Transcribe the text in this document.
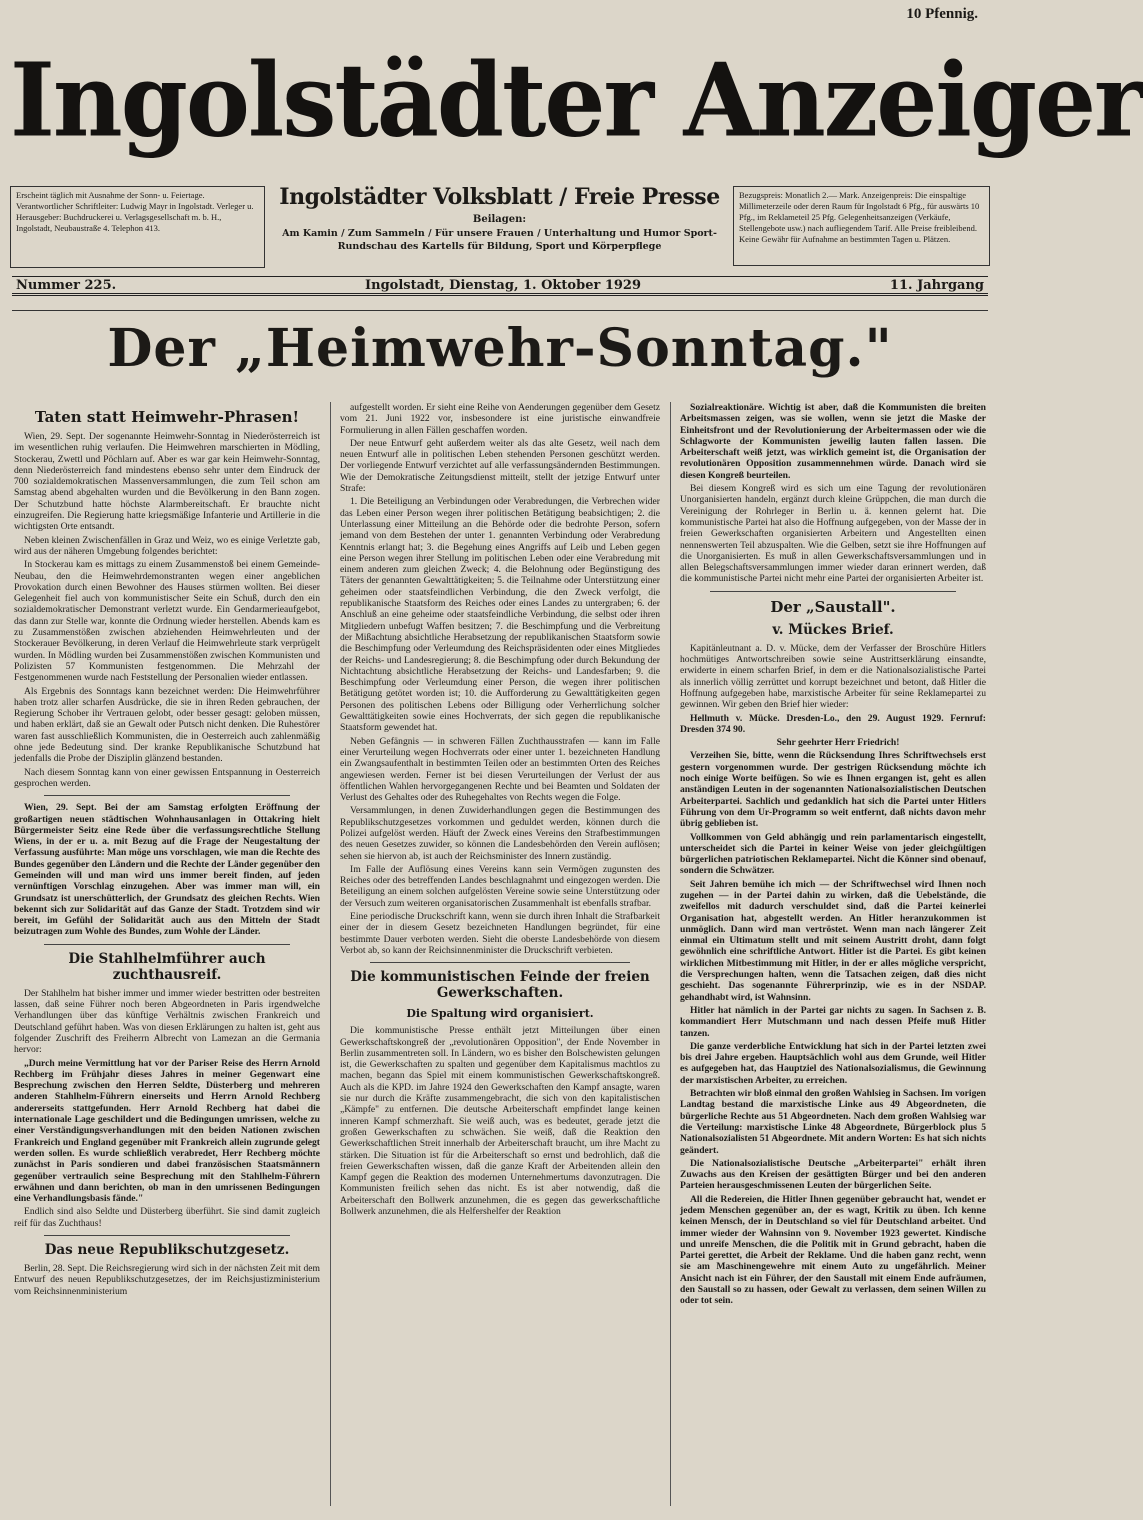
10 Pfennig.
Ingolstädter Anzeiger
Erscheint täglich mit Ausnahme der Sonn- u. Feiertage. Verantwortlicher Schriftleiter: Ludwig Mayr in Ingolstadt. Verleger u. Herausgeber: Buchdruckerei u. Verlagsgesellschaft m. b. H., Ingolstadt, Neubaustraße 4. Telephon 413.
Ingolstädter Volksblatt / Freie Presse
Beilagen:
Am Kamin / Zum Sammeln / Für unsere Frauen / Unterhaltung und Humor Sport-Rundschau des Kartells für Bildung, Sport und Körperpflege
Bezugspreis: Monatlich 2.— Mark. Anzeigenpreis: Die einspaltige Millimeterzeile oder deren Raum für Ingolstadt 6 Pfg., für auswärts 10 Pfg., im Reklameteil 25 Pfg. Gelegenheitsanzeigen (Verkäufe, Stellengebote usw.) nach aufliegendem Tarif. Alle Preise freibleibend. Keine Gewähr für Aufnahme an bestimmten Tagen u. Plätzen.
Nummer 225.	Ingolstadt, Dienstag, 1. Oktober 1929	11. Jahrgang
Der „Heimwehr-Sonntag."
Taten statt Heimwehr-Phrasen!

Wien, 29. Sept. Der sogenannte Heimwehr-Sonntag in Niederösterreich ist im wesentlichen ruhig verlaufen. Die Heimwehren marschierten in Mödling, Stockerau, Zwettl und Pöchlarn auf. Aber es war gar kein Heimwehr-Sonntag, denn Niederösterreich fand mindestens ebenso sehr unter dem Eindruck der 700 sozialdemokratischen Massenversammlungen, die zum Teil schon am Samstag abend abgehalten wurden und die Bevölkerung in den Bann zogen. Der Schutzbund hatte höchste Alarmbereitschaft. Er brauchte nicht einzugreifen. Die Regierung hatte kriegsmäßige Infanterie und Artillerie in die wichtigsten Orte entsandt.

Neben kleinen Zwischenfällen in Graz und Weiz, wo es einige Verletzte gab, wird aus der näheren Umgebung folgendes berichtet:

In Stockerau kam es mittags zu einem Zusammenstoß bei einem Gemeinde-Neubau, den die Heimwehrdemonstranten wegen einer angeblichen Provokation durch einen Bewohner des Hauses stürmen wollten. Bei dieser Gelegenheit fiel auch von kommunistischer Seite ein Schuß, durch den ein sozialdemokratischer Demonstrant verletzt wurde. Ein Gendarmerieaufgebot, das dann zur Stelle war, konnte die Ordnung wieder herstellen. Abends kam es zu Zusammenstößen zwischen abziehenden Heimwehrleuten und der Stockerauer Bevölkerung, in deren Verlauf die Heimwehrleute stark verprügelt wurden. In Mödling wurden bei Zusammenstößen zwischen Kommunisten und Polizisten 57 Kommunisten festgenommen. Die Mehrzahl der Festgenommenen wurde nach Feststellung der Personalien wieder entlassen.

Als Ergebnis des Sonntags kann bezeichnet werden: Die Heimwehrführer haben trotz aller scharfen Ausdrücke, die sie in ihren Reden gebrauchen, der Regierung Schober ihr Vertrauen gelobt, oder besser gesagt: geloben müssen, und haben erklärt, daß sie an Gewalt oder Putsch nicht denken. Die Ruhestörer waren fast ausschließlich Kommunisten, die in Oesterreich auch zahlenmäßig ohne jede Bedeutung sind. Der kranke Republikanische Schutzbund hat jedenfalls die Probe der Disziplin glänzend bestanden.

Nach diesem Sonntag kann von einer gewissen Entspannung in Oesterreich gesprochen werden.

Wien, 29. Sept. Bei der am Samstag erfolgten Eröffnung der großartigen neuen städtischen Wohnhausanlagen in Ottakring hielt Bürgermeister Seitz eine Rede über die verfassungsrechtliche Stellung Wiens, in der er u. a. mit Bezug auf die Frage der Neugestaltung der Verfassung ausführte: Man möge uns vorschlagen, wie man die Rechte des Bundes gegenüber den Ländern und die Rechte der Länder gegenüber den Gemeinden will und man wird uns immer bereit finden, auf jeden vernünftigen Vorschlag einzugehen. Aber was immer man will, ein Grundsatz ist unerschütterlich, der Grundsatz des gleichen Rechts. Wien bekennt sich zur Solidarität auf das Ganze der Stadt. Trotzdem sind wir bereit, im Gefühl der Solidarität auch aus den Mitteln der Stadt beizutragen zum Wohle des Bundes, zum Wohle der Länder.

Die Stahlhelmführer auch zuchthausreif.

Der Stahlhelm hat bisher immer und immer wieder bestritten oder bestreiten lassen, daß seine Führer noch beren Abgeordneten in Paris irgendwelche Verhandlungen über das künftige Verhältnis zwischen Frankreich und Deutschland geführt haben. Was von diesen Erklärungen zu halten ist, geht aus folgender Zuschrift des Freiherrn Albrecht von Lamezan an die Germania hervor:

„Durch meine Vermittlung hat vor der Pariser Reise des Herrn Arnold Rechberg im Frühjahr dieses Jahres in meiner Gegenwart eine Besprechung zwischen den Herren Seldte, Düsterberg und mehreren anderen Stahlhelm-Führern einerseits und Herrn Arnold Rechberg andererseits stattgefunden. Herr Arnold Rechberg hat dabei die internationale Lage geschildert und die Bedingungen umrissen, welche zu einer Verständigungsverhandlungen mit den beiden Nationen zwischen Frankreich und England gegenüber mit Frankreich allein zugrunde gelegt werden sollen. Es wurde schließlich verabredet, Herr Rechberg möchte zunächst in Paris sondieren und dabei französischen Staatsmännern gegenüber vertraulich seine Besprechung mit den Stahlhelm-Führern erwähnen und dann berichten, ob man in den umrissenen Bedingungen eine Verhandlungsbasis fände."

Endlich sind also Seldte und Düsterberg überführt. Sie sind damit zugleich reif für das Zuchthaus!

Das neue Republikschutzgesetz.

Berlin, 28. Sept. Die Reichsregierung wird sich in der nächsten Zeit mit dem Entwurf des neuen Republikschutzgesetzes, der im Reichsjustizministerium vom Reichsinnenministerium

aufgestellt worden. Er sieht eine Reihe von Aenderungen gegenüber dem Gesetz vom 21. Juni 1922 vor, insbesondere ist eine juristische einwandfreie Formulierung in allen Fällen geschaffen worden.

Der neue Entwurf geht außerdem weiter als das alte Gesetz, weil nach dem neuen Entwurf alle in politischen Leben stehenden Personen geschützt werden. Der vorliegende Entwurf verzichtet auf alle verfassungsändernden Bestimmungen. Wie der Demokratische Zeitungsdienst mitteilt, stellt der jetzige Entwurf unter Strafe:

1. Die Beteiligung an Verbindungen oder Verabredungen, die Verbrechen wider das Leben einer Person wegen ihrer politischen Betätigung beabsichtigen; 2. die Unterlassung einer Mitteilung an die Behörde oder die bedrohte Person, sofern jemand von dem Bestehen der unter 1. genannten Verbindung oder Verabredung Kenntnis erlangt hat; 3. die Begehung eines Angriffs auf Leib und Leben gegen eine Person wegen ihrer Stellung im politischen Leben oder eine Verabredung mit einem anderen zum gleichen Zweck; 4. die Belohnung oder Begünstigung des Täters der genannten Gewalttätigkeiten; 5. die Teilnahme oder Unterstützung einer geheimen oder staatsfeindlichen Verbindung, die den Zweck verfolgt, die republikanische Staatsform des Reiches oder eines Landes zu untergraben; 6. der Anschluß an eine geheime oder staatsfeindliche Verbindung, die selbst oder ihren Mitgliedern unbefugt Waffen besitzen; 7. die Beschimpfung und die Verbreitung der Mißachtung absichtliche Herabsetzung der republikanischen Staatsform sowie die Beschimpfung oder Verleumdung des Reichspräsidenten oder eines Mitgliedes der Reichs- und Landesregierung; 8. die Beschimpfung oder durch Bekundung der Nichtachtung absichtliche Herabsetzung der Reichs- und Landesfarben; 9. die Beschimpfung oder Verleumdung einer Person, die wegen ihrer politischen Betätigung getötet worden ist; 10. die Aufforderung zu Gewalttätigkeiten gegen Personen des politischen Lebens oder Billigung oder Verherrlichung solcher Gewalttätigkeiten sowie eines Hochverrats, der sich gegen die republikanische Staatsform gewendet hat.

Neben Gefängnis — in schweren Fällen Zuchthausstrafen — kann im Falle einer Verurteilung wegen Hochverrats oder einer unter 1. bezeichneten Handlung ein Zwangsaufenthalt in bestimmten Teilen oder an bestimmten Orten des Reiches angewiesen werden. Ferner ist bei diesen Verurteilungen der Verlust der aus öffentlichen Wahlen hervorgegangenen Rechte und bei Beamten und Soldaten der Verlust des Gehaltes oder des Ruhegehaltes von Rechts wegen die Folge.

Versammlungen, in denen Zuwiderhandlungen gegen die Bestimmungen des Republikschutzgesetzes vorkommen und geduldet werden, können durch die Polizei aufgelöst werden. Häuft der Zweck eines Vereins den Strafbestimmungen des neuen Gesetzes zuwider, so können die Landesbehörden den Verein auflösen; sehen sie hiervon ab, ist auch der Reichsminister des Innern zuständig.

Im Falle der Auflösung eines Vereins kann sein Vermögen zugunsten des Reiches oder des betreffenden Landes beschlagnahmt und eingezogen werden. Die Beteiligung an einem solchen aufgelösten Vereine sowie seine Unterstützung oder der Versuch zum weiteren organisatorischen Zusammenhalt ist ebenfalls strafbar.

Eine periodische Druckschrift kann, wenn sie durch ihren Inhalt die Strafbarkeit einer der in diesem Gesetz bezeichneten Handlungen begründet, für eine bestimmte Dauer verboten werden. Sieht die oberste Landesbehörde von diesem Verbot ab, so kann der Reichsinnenminister die Druckschrift verbieten.

Die kommunistischen Feinde der freien Gewerkschaften.
Die Spaltung wird organisiert.

Die kommunistische Presse enthält jetzt Mitteilungen über einen Gewerkschaftskongreß der „revolutionären Opposition", der Ende November in Berlin zusammentreten soll. In Ländern, wo es bisher den Bolschewisten gelungen ist, die Gewerkschaften zu spalten und gegenüber dem Kapitalismus machtlos zu machen, begann das Spiel mit einem kommunistischen Gewerkschaftskongreß. Auch als die KPD. im Jahre 1924 den Gewerkschaften den Kampf ansagte, waren sie nur durch die Kräfte zusammengebracht, die sich von den kapitalistischen „Kämpfe" zu entfernen. Die deutsche Arbeiterschaft empfindet lange keinen inneren Kampf schmerzhaft. Sie weiß auch, was es bedeutet, gerade jetzt die großen Gewerkschaften zu schwächen. Sie weiß, daß die Reaktion den Gewerkschaftlichen Streit innerhalb der Arbeiterschaft braucht, um ihre Macht zu stärken. Die Situation ist für die Arbeiterschaft so ernst und bedrohlich, daß die freien Gewerkschaften wissen, daß die ganze Kraft der Arbeitenden allein den Kampf gegen die Reaktion des modernen Unternehmertums davonzutragen. Die Kommunisten freilich sehen das nicht. Es ist aber notwendig, daß die Arbeiterschaft den Bollwerk anzunehmen, die es gegen das gewerkschaftliche Bollwerk anzunehmen, die als Helfershelfer der Reaktion

Sozialreaktionäre. Wichtig ist aber, daß die Kommunisten die breiten Arbeitsmassen zeigen, was sie wollen, wenn sie jetzt die Maske der Einheitsfront und der Revolutionierung der Arbeitermassen oder wie die Schlagworte der Kommunisten jeweilig lauten fallen lassen. Die Arbeiterschaft weiß jetzt, was wirklich gemeint ist, die Organisation der revolutionären Opposition zusammennehmen würde. Danach wird sie diesen Kongreß beurteilen.

Bei diesem Kongreß wird es sich um eine Tagung der revolutionären Unorganisierten handeln, ergänzt durch kleine Grüppchen, die man durch die Vereinigung der Rohrleger in Berlin u. ä. kennen gelernt hat. Die kommunistische Partei hat also die Hoffnung aufgegeben, von der Masse der in freien Gewerkschaften organisierten Arbeitern und Angestellten einen nennenswerten Teil abzuspalten. Wie die Gelben, setzt sie ihre Hoffnungen auf die Unorganisierten. Es muß in allen Gewerkschaftsversammlungen und in allen Belegschaftsversammlungen immer wieder daran erinnert werden, daß die kommunistische Partei nicht mehr eine Partei der organisierten Arbeiter ist.

Der „Saustall".
v. Mückes Brief.

Kapitänleutnant a. D. v. Mücke, dem der Verfasser der Broschüre Hitlers hochmütiges Antwortschreiben sowie seine Austrittserklärung einsandte, erwiderte in einem scharfen Brief, in dem er die Nationalsozialistische Partei als innerlich völlig zerrüttet und korrupt bezeichnet und betont, daß Hitler die Hoffnung aufgegeben habe, marxistische Arbeiter für seine Reklamepartei zu gewinnen. Wir geben den Brief hier wieder:

Hellmuth v. Mücke. Dresden-Lo., den 29. August 1929. Fernruf: Dresden 374 90.

Sehr geehrter Herr Friedrich!

Verzeihen Sie, bitte, wenn die Rücksendung Ihres Schriftwechsels erst gestern vorgenommen wurde. Der gestrigen Rücksendung möchte ich noch einige Worte beifügen. So wie es Ihnen ergangen ist, geht es allen anständigen Leuten in der sogenannten Nationalsozialistischen Deutschen Arbeiterpartei. Sachlich und gedanklich hat sich die Partei unter Hitlers Führung von dem Ur-Programm so weit entfernt, daß nichts davon mehr übrig geblieben ist.

Vollkommen von Geld abhängig und rein parlamentarisch eingestellt, unterscheidet sich die Partei in keiner Weise von jeder gleichgültigen bürgerlichen patriotischen Reklamepartei. Nicht die Könner sind obenauf, sondern die Schwätzer.

Seit Jahren bemühe ich mich — der Schriftwechsel wird Ihnen noch zugehen — in der Partei dahin zu wirken, daß die Uebelstände, die zweifellos mit dadurch verschuldet sind, daß die Partei keinerlei Organisation hat, abgestellt werden. An Hitler heranzukommen ist unmöglich. Dann wird man vertröstet. Wenn man nach längerer Zeit einmal ein Ultimatum stellt und mit seinem Austritt droht, dann folgt gewöhnlich eine schriftliche Antwort. Hitler ist die Partei. Es gibt keinen wirklichen Mitbestimmung mit Hitler, in der er alles mögliche verspricht, die Versprechungen halten, wenn die Tatsachen zeigen, daß dies nicht geschieht. Das sogenannte Führerprinzip, wie es in der NSDAP. gehandhabt wird, ist Wahnsinn.

Hitler hat nämlich in der Partei gar nichts zu sagen. In Sachsen z. B. kommandiert Herr Mutschmann und nach dessen Pfeife muß Hitler tanzen.

Die ganze verderbliche Entwicklung hat sich in der Partei letzten zwei bis drei Jahre ergeben. Hauptsächlich wohl aus dem Grunde, weil Hitler es aufgegeben hat, das Hauptziel des Nationalsozialismus, die Gewinnung der marxistischen Arbeiter, zu erreichen.

Betrachten wir bloß einmal den großen Wahlsieg in Sachsen. Im vorigen Landtag bestand die marxistische Linke aus 49 Abgeordneten, die bürgerliche Rechte aus 51 Abgeordneten. Nach dem großen Wahlsieg war die Verteilung: marxistische Linke 48 Abgeordnete, Bürgerblock plus 5 Nationalsozialisten 51 Abgeordnete. Mit andern Worten: Es hat sich nichts geändert.

Die Nationalsozialistische Deutsche „Arbeiterpartei" erhält ihren Zuwachs aus den Kreisen der gesättigten Bürger und bei den anderen Parteien herausgeschmissenen Leuten der bürgerlichen Seite.

All die Redereien, die Hitler Ihnen gegenüber gebraucht hat, wendet er jedem Menschen gegenüber an, der es wagt, Kritik zu üben. Ich kenne keinen Mensch, der in Deutschland so viel für Deutschland arbeitet. Und immer wieder der Wahnsinn von 9. November 1923 gewertet. Kindische und unreife Menschen, die die Politik mit in Grund gebracht, haben die Partei gerettet, die Arbeit der Reklame. Und die haben ganz recht, wenn sie am Maschinengewehre mit einem Auto zu ungefährlich. Meiner Ansicht nach ist ein Führer, der den Saustall mit einem Ende aufräumen, den Saustall so zu hassen, oder Gewalt zu verlassen, dem seinen Willen zu oder tot sein.
